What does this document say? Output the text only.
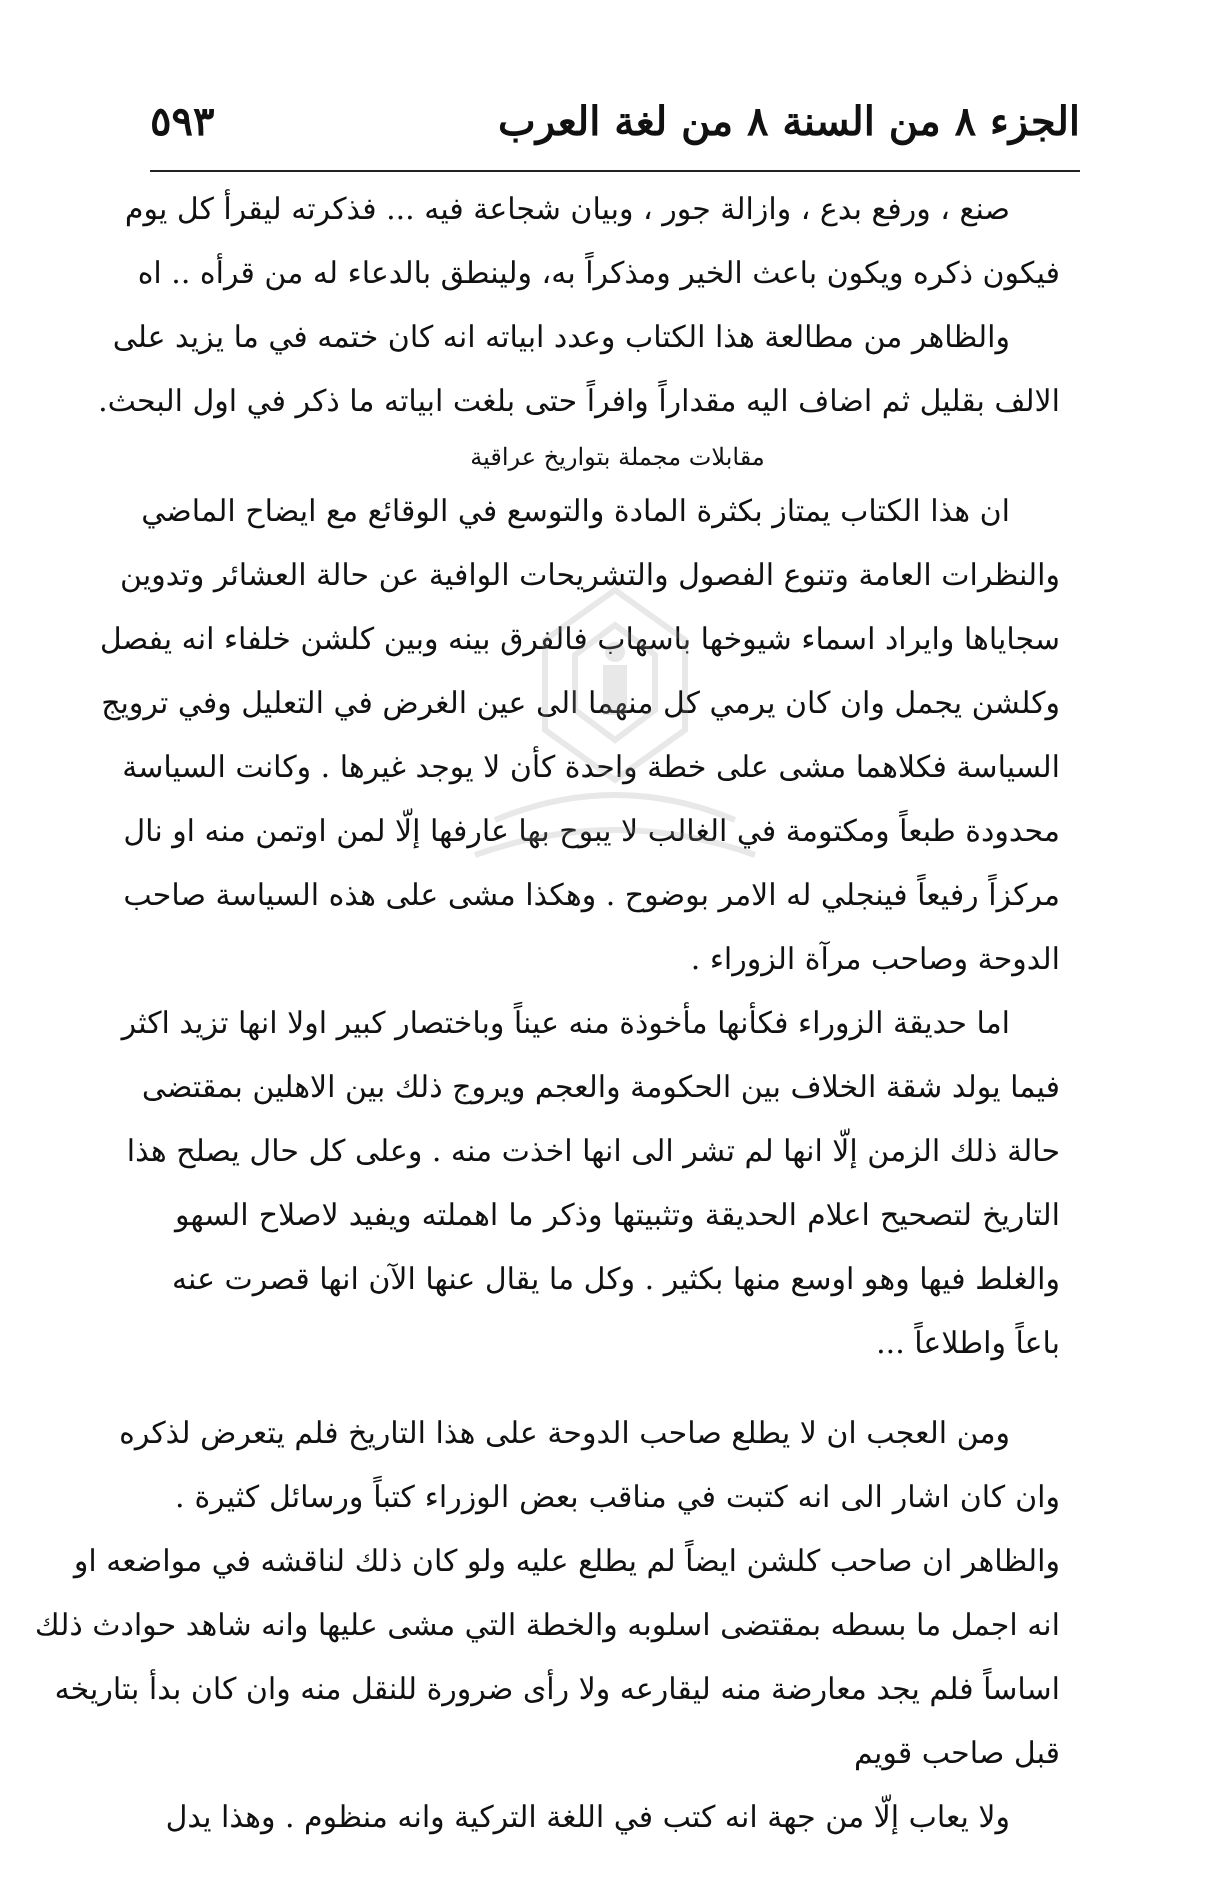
الجزء ٨ من السنة ٨ من لغة العرب
٥٩٣
صنع ، ورفع بدع ، وازالة جور ، وبيان شجاعة فيه ... فذكرته ليقرأ كل يوم
فيكون ذكره ويكون باعث الخير ومذكراً به، ولينطق بالدعاء له من قرأه .. اه
والظاهر من مطالعة هذا الكتاب وعدد ابياته انه كان ختمه في ما يزيد على
الالف بقليل ثم اضاف اليه مقداراً وافراً حتى بلغت ابياته ما ذكر في اول البحث.
مقابلات مجملة بتواريخ عراقية
ان هذا الكتاب يمتاز بكثرة المادة والتوسع في الوقائع مع ايضاح الماضي
والنظرات العامة وتنوع الفصول والتشريحات الوافية عن حالة العشائر وتدوين
سجاياها وايراد اسماء شيوخها باسهاب فالفرق بينه وبين كلشن خلفاء انه يفصل
وكلشن يجمل وان كان يرمي كل منهما الى عين الغرض في التعليل وفي ترويج
السياسة فكلاهما مشى على خطة واحدة كأن لا يوجد غيرها . وكانت السياسة
محدودة طبعاً ومكتومة في الغالب لا يبوح بها عارفها إلّا لمن اوتمن منه او نال
مركزاً رفيعاً فينجلي له الامر بوضوح . وهكذا مشى على هذه السياسة صاحب
الدوحة وصاحب مرآة الزوراء .
اما حديقة الزوراء فكأنها مأخوذة منه عيناً وباختصار كبير اولا انها تزيد اكثر
فيما يولد شقة الخلاف بين الحكومة والعجم ويروج ذلك بين الاهلين بمقتضى
حالة ذلك الزمن إلّا انها لم تشر الى انها اخذت منه . وعلى كل حال يصلح هذا
التاريخ لتصحيح اعلام الحديقة وتثبيتها وذكر ما اهملته ويفيد لاصلاح السهو
والغلط فيها وهو اوسع منها بكثير . وكل ما يقال عنها الآن انها قصرت عنه
باعاً واطلاعاً ...
ومن العجب ان لا يطلع صاحب الدوحة على هذا التاريخ فلم يتعرض لذكره
وان كان اشار الى انه كتبت في مناقب بعض الوزراء كتباً ورسائل كثيرة .
والظاهر ان صاحب كلشن ايضاً لم يطلع عليه ولو كان ذلك لناقشه في مواضعه او
انه اجمل ما بسطه بمقتضى اسلوبه والخطة التي مشى عليها وانه شاهد حوادث ذلك
اساساً فلم يجد معارضة منه ليقارعه ولا رأى ضرورة للنقل منه وان كان بدأ بتاريخه
قبل صاحب قويم
ولا يعاب إلّا من جهة انه كتب في اللغة التركية وانه منظوم . وهذا يدل
